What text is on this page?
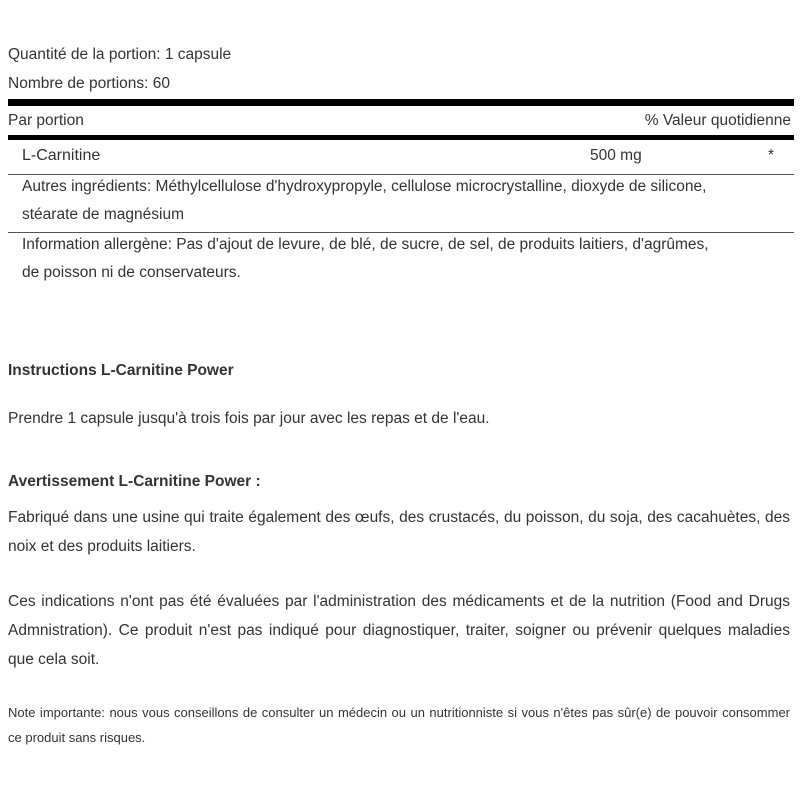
Quantité de la portion: 1 capsule
Nombre de portions: 60
Par portion	% Valeur quotidienne
L-Carnitine	500 mg	*
Autres ingrédients: Méthylcellulose d'hydroxypropyle, cellulose microcrystalline, dioxyde de silicone,
stéarate de magnésium
Information allergène: Pas d'ajout de levure, de blé, de sucre, de sel, de produits laitiers, d'agrûmes,
de poisson ni de conservateurs.
Instructions L-Carnitine Power
Prendre 1 capsule jusqu'à trois fois par jour avec les repas et de l'eau.
Avertissement L-Carnitine Power :
Fabriqué dans une usine qui traite également des œufs, des crustacés, du poisson, du soja, des cacahuètes, des noix et des produits laitiers.
Ces indications n'ont pas été évaluées par l'administration des médicaments et de la nutrition (Food and Drugs Admnistration). Ce produit n'est pas indiqué pour diagnostiquer, traiter, soigner ou prévenir quelques maladies que cela soit.
Note importante: nous vous conseillons de consulter un médecin ou un nutritionniste si vous n'êtes pas sûr(e) de pouvoir consommer ce produit sans risques.
